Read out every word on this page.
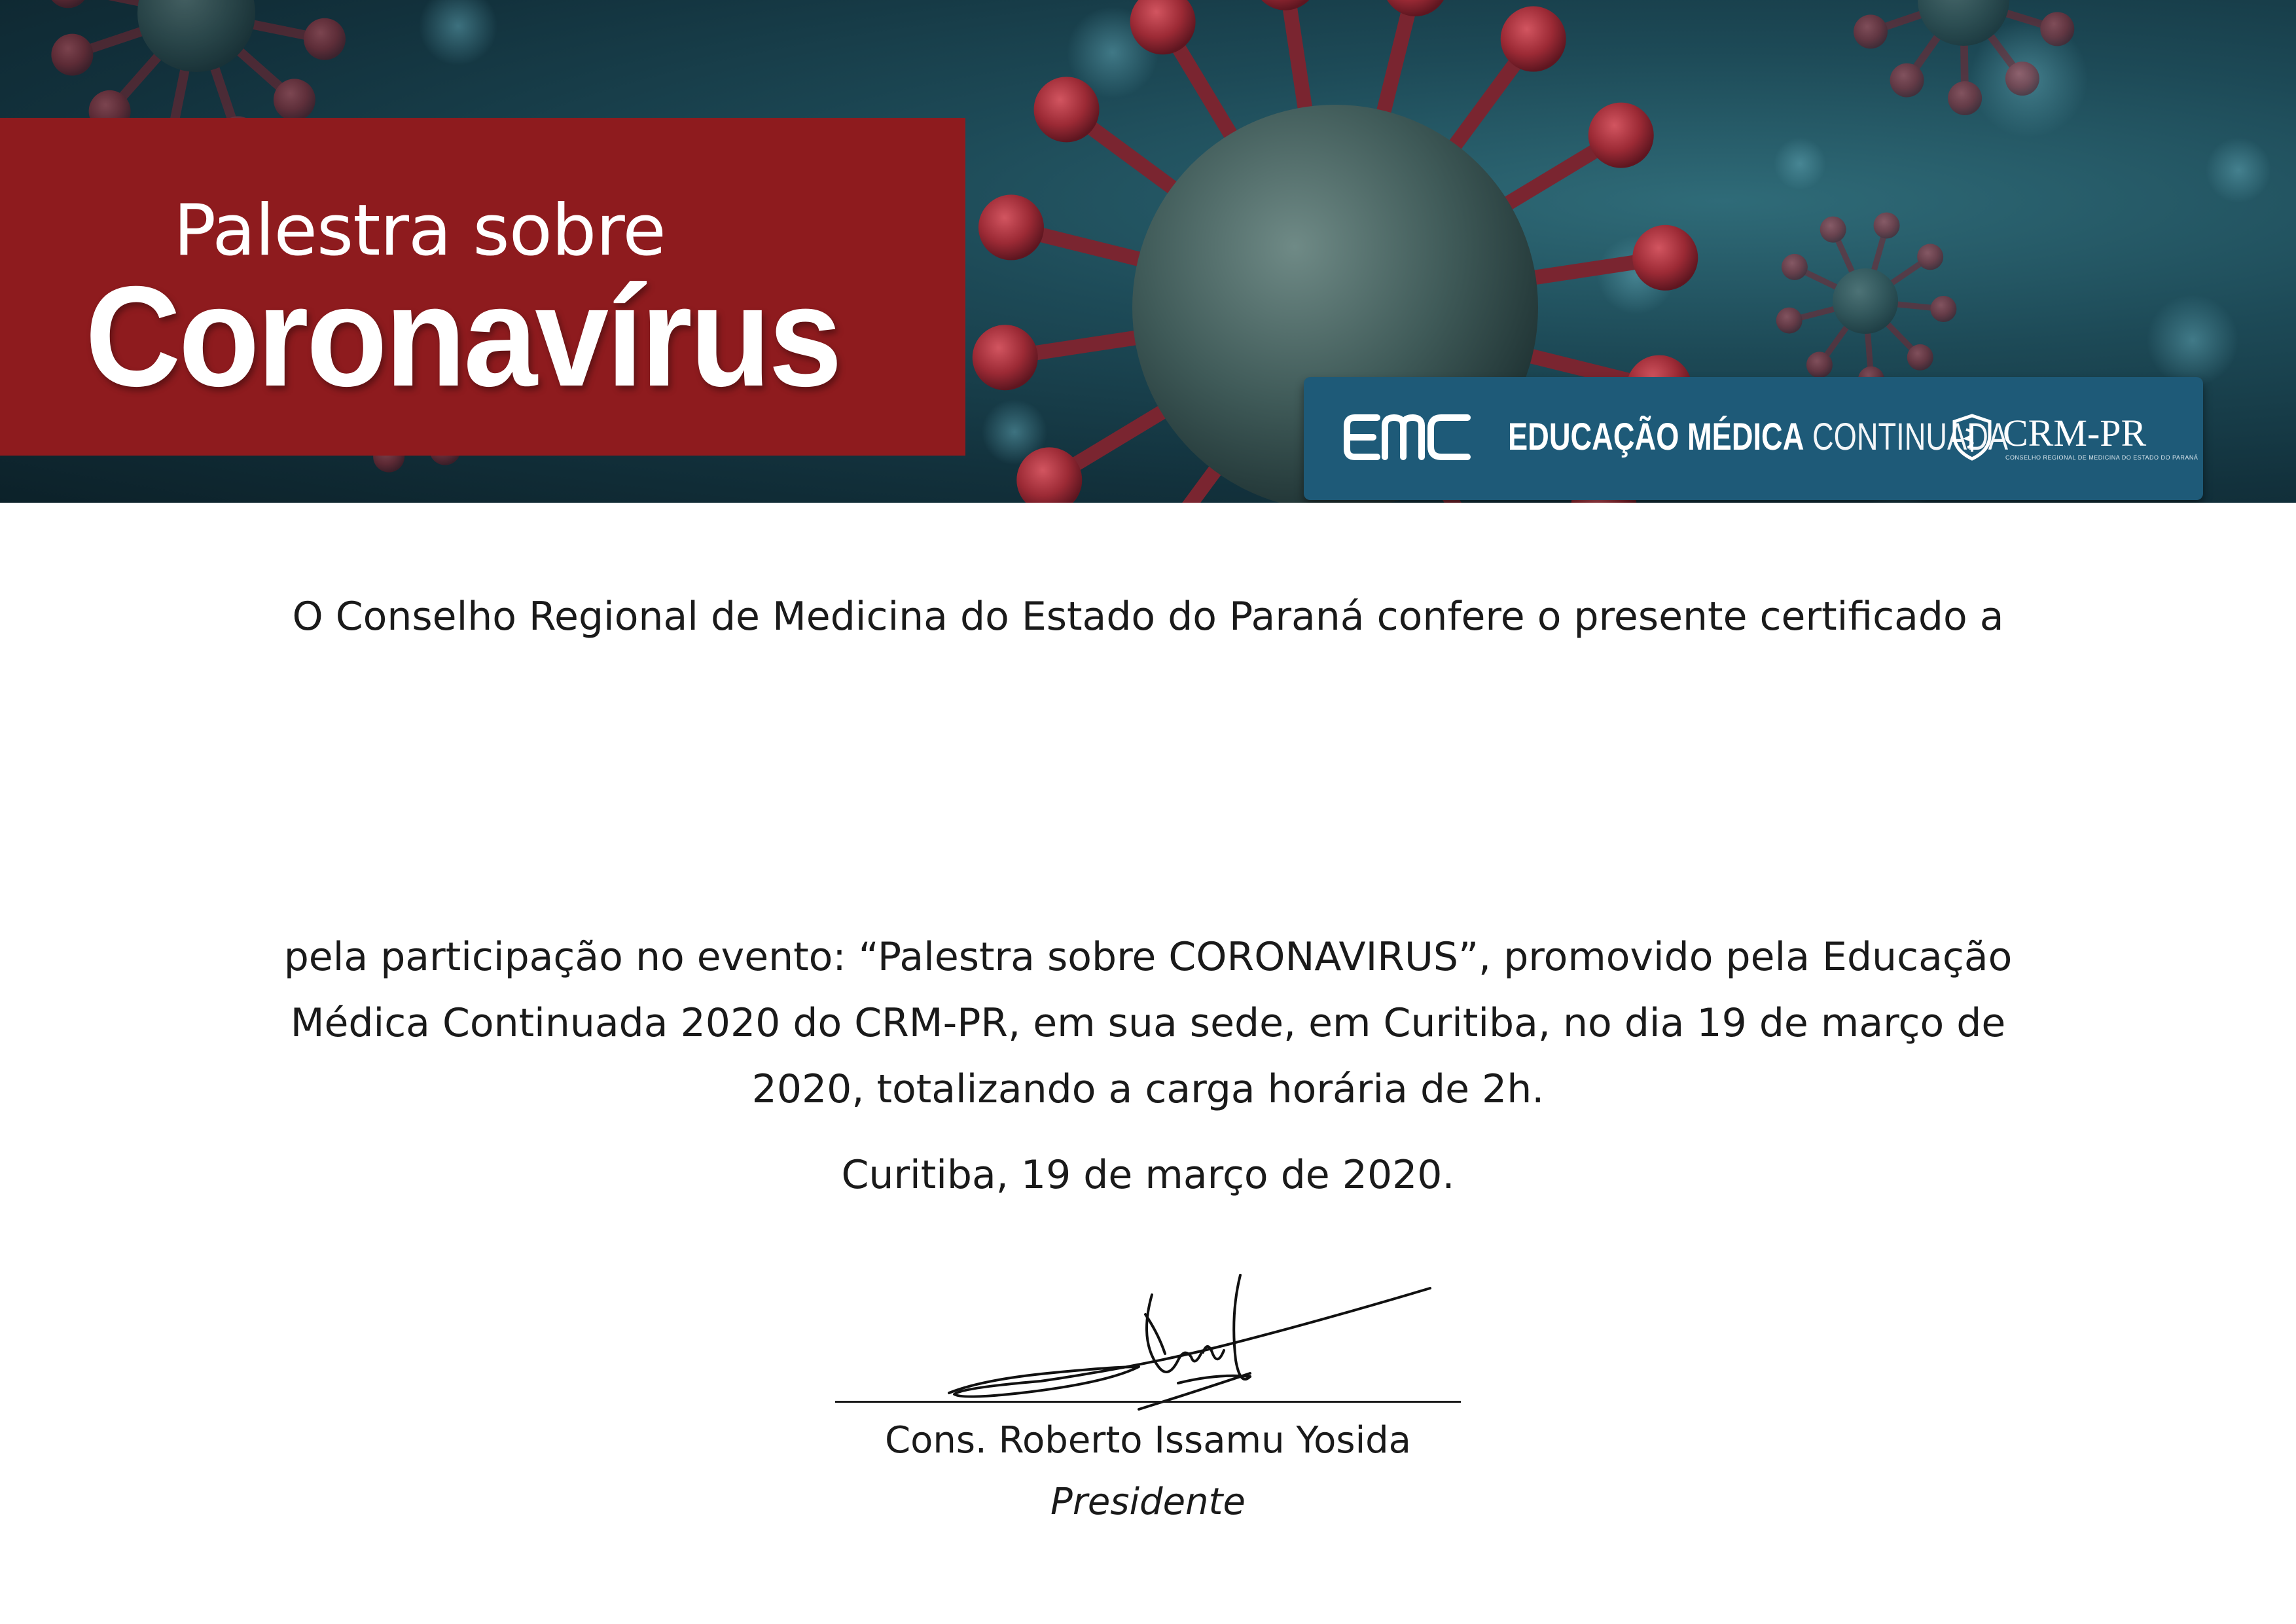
Palestra sobre
Coronavírus
EDUCAÇÃO MÉDICA CONTINUADA
CRM-PR
CONSELHO REGIONAL DE MEDICINA DO ESTADO DO PARANÁ
O Conselho Regional de Medicina do Estado do Paraná confere o presente certificado a
pela participação no evento: “Palestra sobre CORONAVIRUS”, promovido pela Educação Médica Continuada 2020 do CRM-PR, em sua sede, em Curitiba, no dia 19 de março de 2020, totalizando a carga horária de 2h.
Curitiba, 19 de março de 2020.
Cons. Roberto Issamu Yosida
Presidente
